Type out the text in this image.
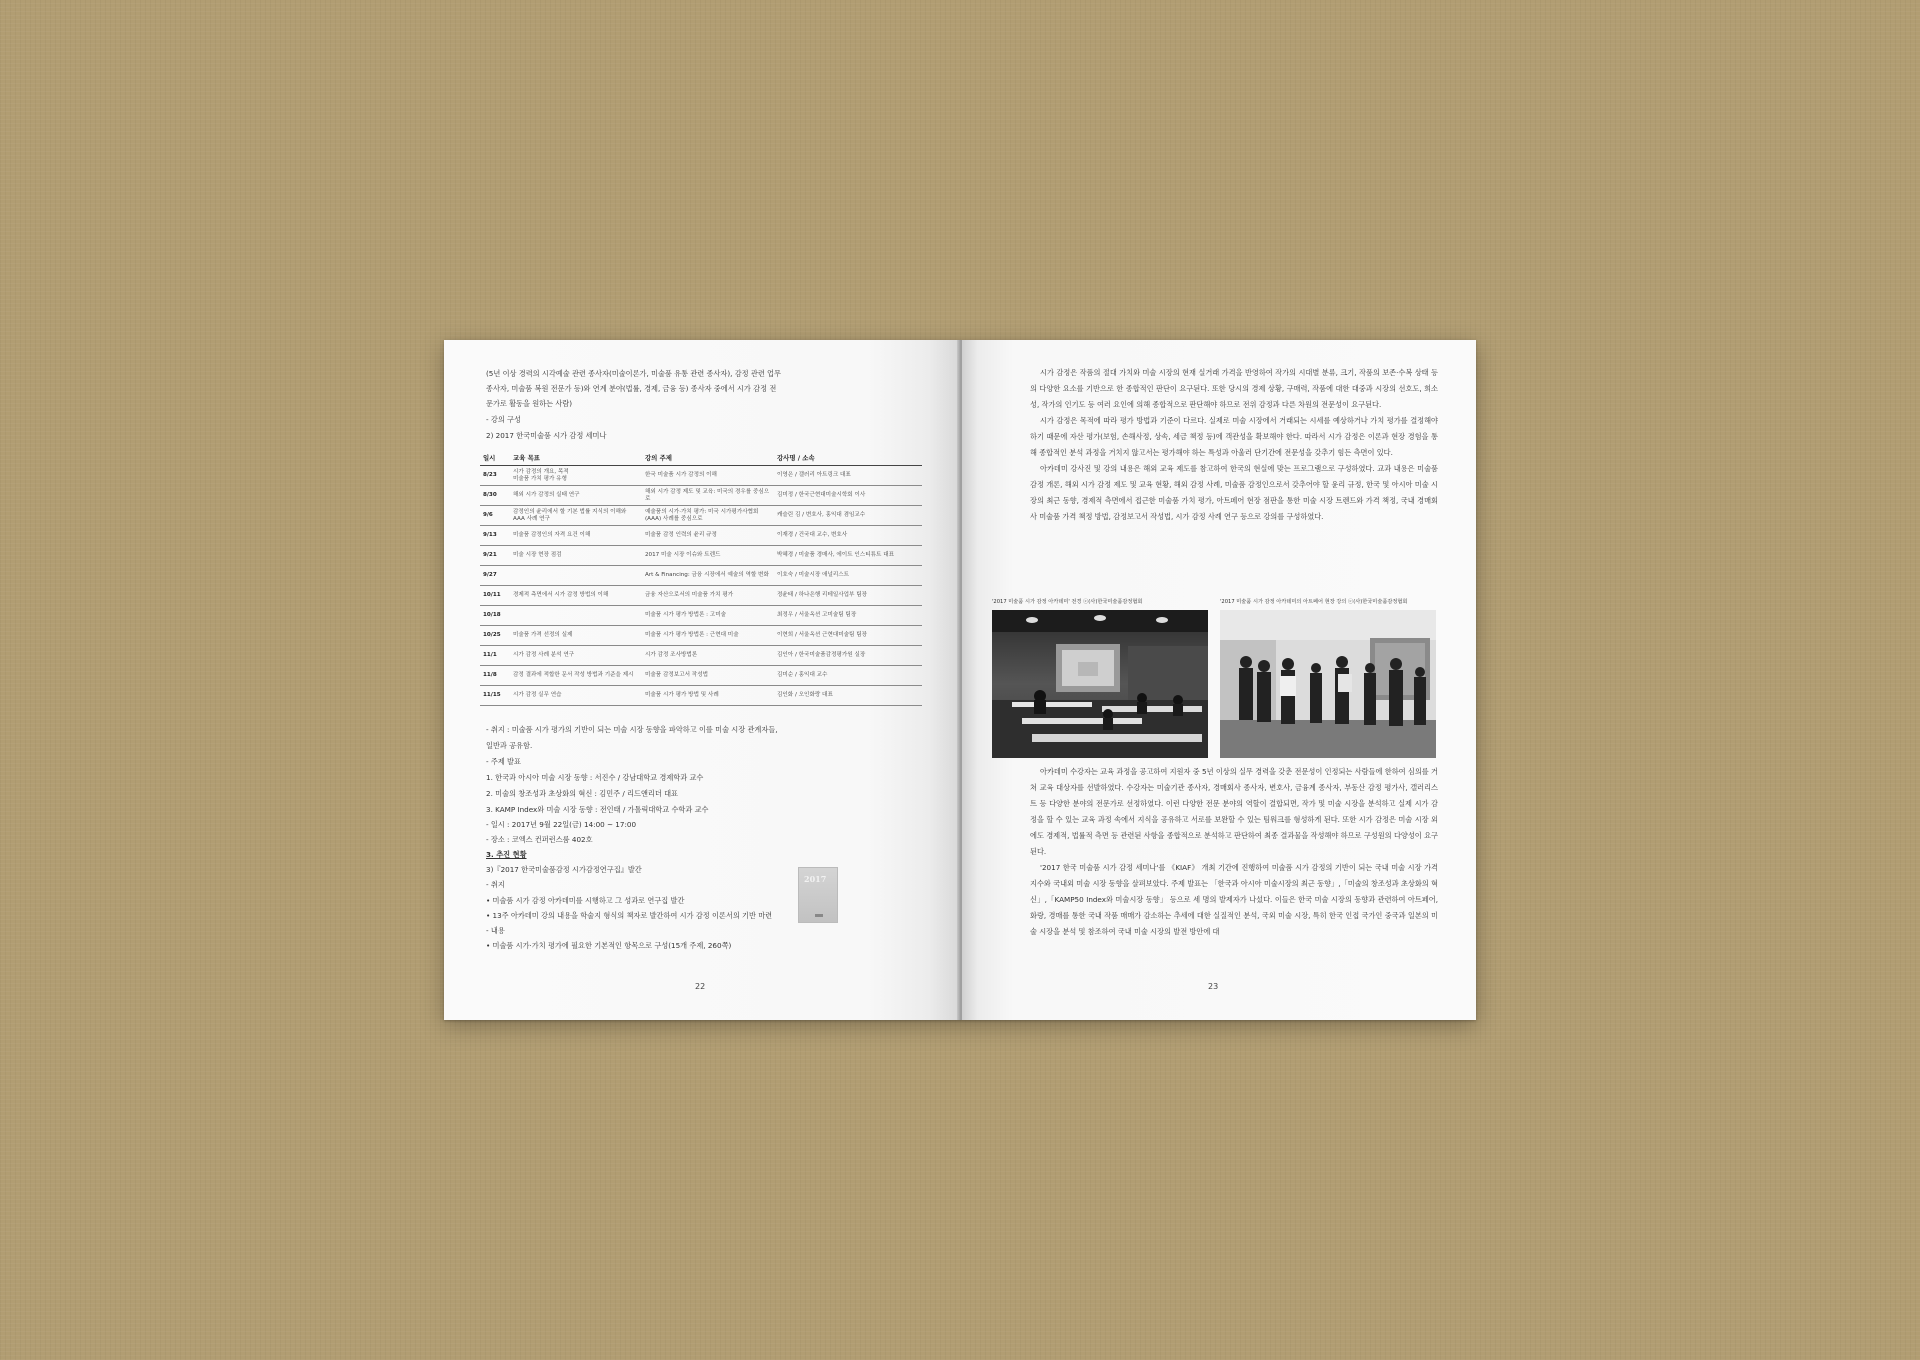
(5년 이상 경력의 시각예술 관련 종사자(미술이론가, 미술품 유통 관련 종사자), 감정 관련 업무
종사자, 미술품 복원 전문가 등)와 연계 분야(법률, 경제, 금융 등) 종사자 중에서 시가 감정 전
문가로 활동을 원하는 사람)
- 강의 구성
2) 2017 한국미술품 시가 감정 세미나
일시	교육 목표	강의 주제	강사명 / 소속
8/23	시가 감정의 개요, 목적
미술품 가치 평가 유형	한국 미술품 시가 감정의 이해	이영은 / 갤러리 아트링크 대표
8/30	해외 시가 감정의 실태 연구	해외 시가 감정 제도 및 교육: 미국의 경우를 중심으로	김미정 / 한국근현대미술시학회 이사
9/6	감정인의 윤리에서 할 기본 법률 지식의 이해와 AAA 사례 연구	예술품의 시가·가치 평가: 미국 시가평가사협회(AAA) 사례를 중심으로	캐슬린 김 / 변호사, 홍익대 겸임교수
9/13	미술품 감정인의 자격 요건 이해	미술품 감정 인력의 윤리 규정	이재경 / 건국대 교수, 변호사
9/21	미술 시장 현장 점검	2017 미술 시장 이슈와 트렌드	박혜경 / 미술품 경매사, 에이트 인스티튜트 대표
9/27		Art & Financing: 금융 시장에서 예술의 역할 변화	이호숙 / 미술시장 애널리스트
10/11	경제적 측면에서 시가 감정 방법의 이해	금융 자산으로서의 미술품 가치 평가	정윤태 / 하나은행 리테일사업부 팀장
10/18		미술품 시가 평가 방법론 : 고미술	최정우 / 서울옥션 고미술팀 팀장
10/25	미술품 가격 선정의 실제	미술품 시가 평가 방법론 : 근현대 미술	이현희 / 서울옥션 근현대미술팀 팀장
11/1	시가 감정 사례 분석 연구	시가 감정 조사방법론	김인아 / 한국미술품감정평가원 실장
11/8	감정 결과에 적합한 문서 작성 방법과 기준을 제시	미술품 감정보고서 작성법	김미순 / 홍익대 교수
11/15	시가 감정 실무 연습	미술품 시가 평가 방법 및 사례	김인화 / 오인화랑 대표
- 취지 : 미술품 시가 평가의 기반이 되는 미술 시장 동향을 파악하고 이를 미술 시장 관계자들,
일반과 공유함.
- 주제 발표
1. 한국과 아시아 미술 시장 동향 : 서진수 / 강남대학교 경제학과 교수
2. 미술의 창조성과 초상화의 혁신 : 김민주 / 리드앤리더 대표
3. KAMP Index와 미술 시장 동향 : 전인태 / 가톨릭대학교 수학과 교수
- 일시 : 2017년 9월 22일(금) 14:00 ~ 17:00
- 장소 : 코엑스 컨퍼런스룸 402호
3. 추진 현황
3)『2017 한국미술품감정 시가감정연구집』발간
- 취지
• 미술품 시가 감정 아카데미를 시행하고 그 성과로 연구집 발간
• 13주 아카데미 강의 내용을 학술지 형식의 책자로 발간하여 시가 감정 이론서의 기반 마련
- 내용
• 미술품 시가·가치 평가에 필요한 기본적인 항목으로 구성(15개 주제, 260쪽)
2017
22

시가 감정은 작품의 절대 가치와 미술 시장의 현재 실거래 가격을 반영하여 작가의 시대별 분류, 크기, 작품의 보존·수복 상태 등의 다양한 요소를 기반으로 한 종합적인 판단이 요구된다. 또한 당시의 경제 상황, 구매력, 작품에 대한 대중과 시장의 선호도, 희소성, 작가의 인기도 등 여러 요인에 의해 종합적으로 판단해야 하므로 전위 감정과 다른 차원의 전문성이 요구된다.

시가 감정은 목적에 따라 평가 방법과 기준이 다르다. 실제로 미술 시장에서 거래되는 시세를 예상하거나 가치 평가를 결정해야 하기 때문에 자산 평가(보험, 손해사정, 상속, 세금 책정 등)에 객관성을 확보해야 한다. 따라서 시가 감정은 이론과 현장 경험을 통해 종합적인 분석 과정을 거치지 않고서는 평가해야 하는 특성과 아울러 단기간에 전문성을 갖추기 힘든 측면이 있다.

아카데미 강사진 및 강의 내용은 해외 교육 제도를 참고하여 한국의 현실에 맞는 프로그램으로 구성하였다. 교과 내용은 미술품 감정 개론, 해외 시가 감정 제도 및 교육 현황, 해외 감정 사례, 미술품 감정인으로서 갖추어야 할 윤리 규정, 한국 및 아시아 미술 시장의 최근 동향, 경제적 측면에서 접근한 미술품 가치 평가, 아트페어 현장 점판을 통한 미술 시장 트렌드와 가격 책정, 국내 경매회사 미술품 가격 책정 방법, 감정보고서 작성법, 시가 감정 사례 연구 등으로 강의를 구성하였다.

'2017 미술품 시가 감정 아카데미' 전경 ⓒ(사)한국미술품감정협회	'2017 미술품 시가 감정 아카데미의 아트페어 현장 강의 ⓒ(사)한국미술품감정협회

아카데미 수강자는 교육 과정을 공고하여 지원자 중 5년 이상의 실무 경력을 갖춘 전문성이 인정되는 사람들에 한하여 심의를 거쳐 교육 대상자를 선발하였다. 수강자는 미술기관 종사자, 경매회사 종사자, 변호사, 금융계 종사자, 부동산 감정 평가사, 갤러리스트 등 다양한 분야의 전문가로 선정하였다. 이런 다양한 전문 분야의 역할이 결합되면, 작가 및 미술 시장을 분석하고 실제 시가 감정을 할 수 있는 교육 과정 속에서 지식을 공유하고 서로를 보완할 수 있는 팀워크를 형성하게 된다. 또한 시가 감정은 미술 시장 외에도 경제적, 법률적 측면 등 관련된 사항을 종합적으로 분석하고 판단하여 최종 결과물을 작성해야 하므로 구성원의 다양성이 요구된다.

'2017 한국 미술품 시가 감정 세미나'를 《KIAF》 개최 기간에 진행하여 미술품 시가 감정의 기반이 되는 국내 미술 시장 가격 지수와 국내외 미술 시장 동향을 살펴보았다. 주제 발표는 「한국과 아시아 미술시장의 최근 동향」,「미술의 창조성과 초상화의 혁신」,「KAMP50 Index와 미술시장 동향」 등으로 세 명의 발제자가 나섰다. 이들은 한국 미술 시장의 동향과 관련하여 아트페어, 화랑, 경매를 통한 국내 작품 매매가 감소하는 추세에 대한 실질적인 분석, 국외 미술 시장, 특히 한국 인접 국가인 중국과 일본의 미술 시장을 분석 및 참조하여 국내 미술 시장의 발전 방안에 대

23
